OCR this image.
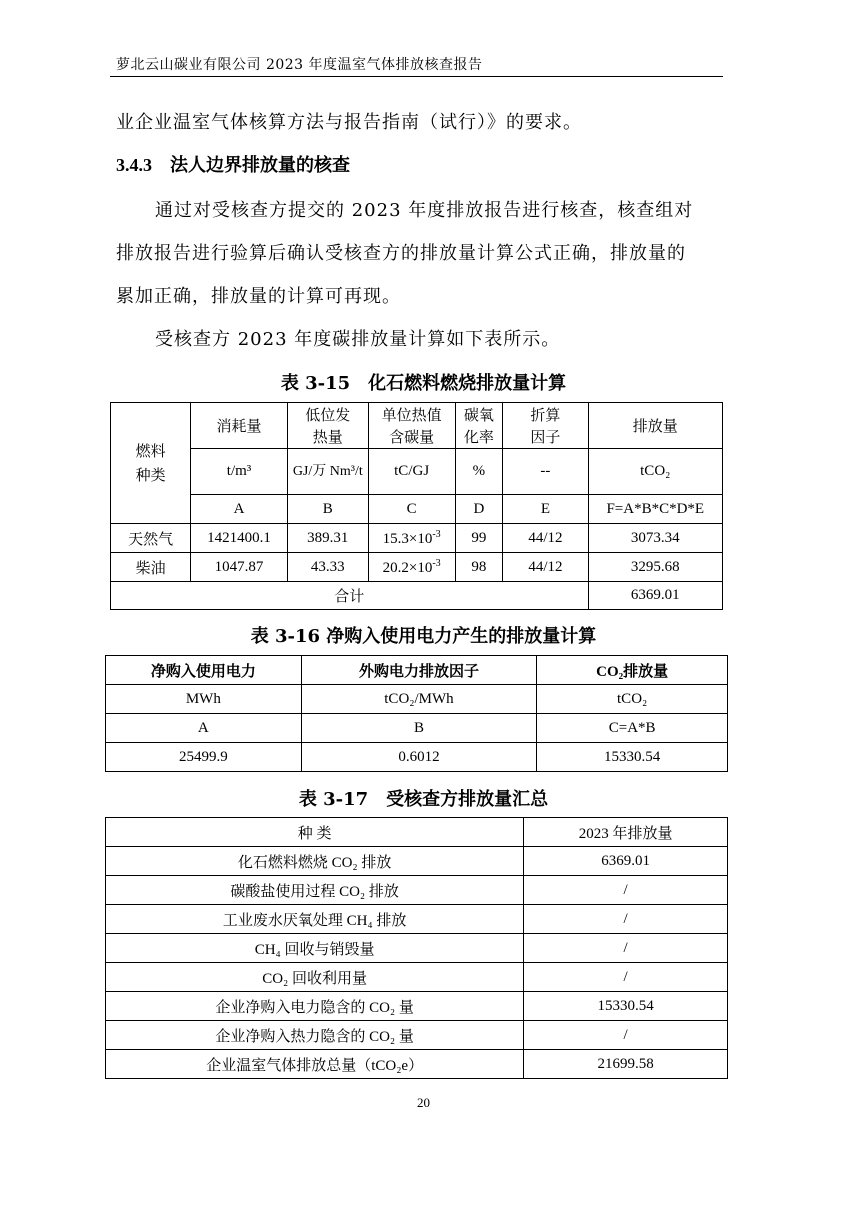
萝北云山碳业有限公司 2023 年度温室气体排放核查报告
业企业温室气体核算方法与报告指南（试行）》的要求。
3.4.3 法人边界排放量的核查
通过对受核查方提交的 2023 年度排放报告进行核查，核查组对
排放报告进行验算后确认受核查方的排放量计算公式正确，排放量的
累加正确，排放量的计算可再现。
受核查方 2023 年度碳排放量计算如下表所示。
表 3-15　化石燃料燃烧排放量计算
燃料种类	消耗量	低位发热量	单位热值含碳量	碳氧化率	折算因子	排放量
	t/m³	GJ/万 Nm³/t	tC/GJ	%	--	tCO₂
	A	B	C	D	E	F=A*B*C*D*E
天然气	1421400.1	389.31	$15.3\times 10^{-3}$	99	44/12	3073.34
柴油	1047.87	43.33	$20.2\times 10^{-3}$	98	44/12	3295.68
合计						6369.01
表 3-16 净购入使用电力产生的排放量计算
净购入使用电力	外购电力排放因子	CO₂排放量
MWh	tCO₂/MWh	tCO₂
A	B	C=A*B
25499.9	0.6012	15330.54
表 3-17　受核查方排放量汇总
种 类	2023 年排放量
化石燃料燃烧 CO₂ 排放	6369.01
碳酸盐使用过程 CO₂ 排放	/
工业废水厌氧处理 CH₄ 排放	/
CH₄ 回收与销毁量	/
CO₂ 回收利用量	/
企业净购入电力隐含的 CO₂ 量	15330.54
企业净购入热力隐含的 CO₂ 量	/
企业温室气体排放总量（tCO₂e）	21699.58
20
